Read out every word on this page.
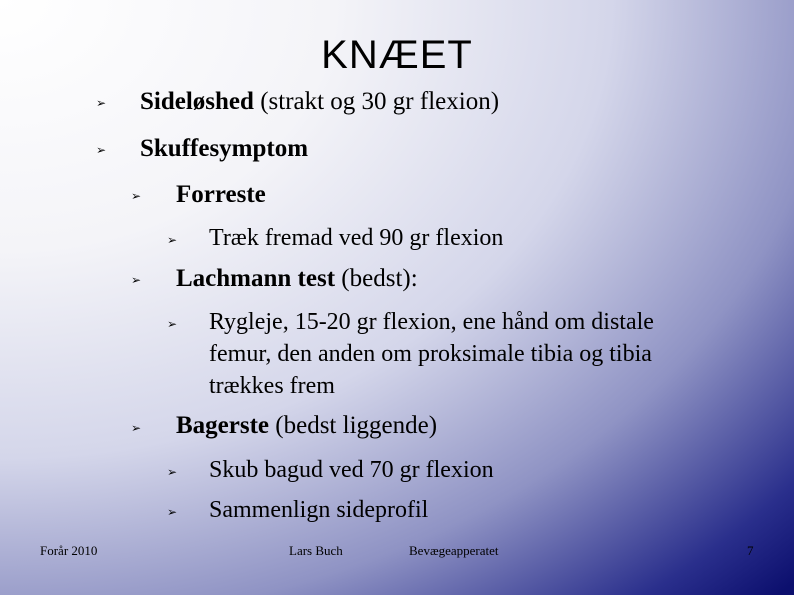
KNÆET
➢ Sideløshed (strakt og 30 gr flexion)
➢ Skuffesymptom
➢ Forreste
➢ Træk fremad ved 90 gr flexion
➢ Lachmann test (bedst):
➢ Rygleje, 15-20 gr flexion, ene hånd om distale
femur, den anden om proksimale tibia og tibia
trækkes frem
➢ Bagerste (bedst liggende)
➢ Skub bagud ved 70 gr flexion
➢ Sammenlign sideprofil
Forår 2010	Lars Buch	Bevægeapperatet	7
